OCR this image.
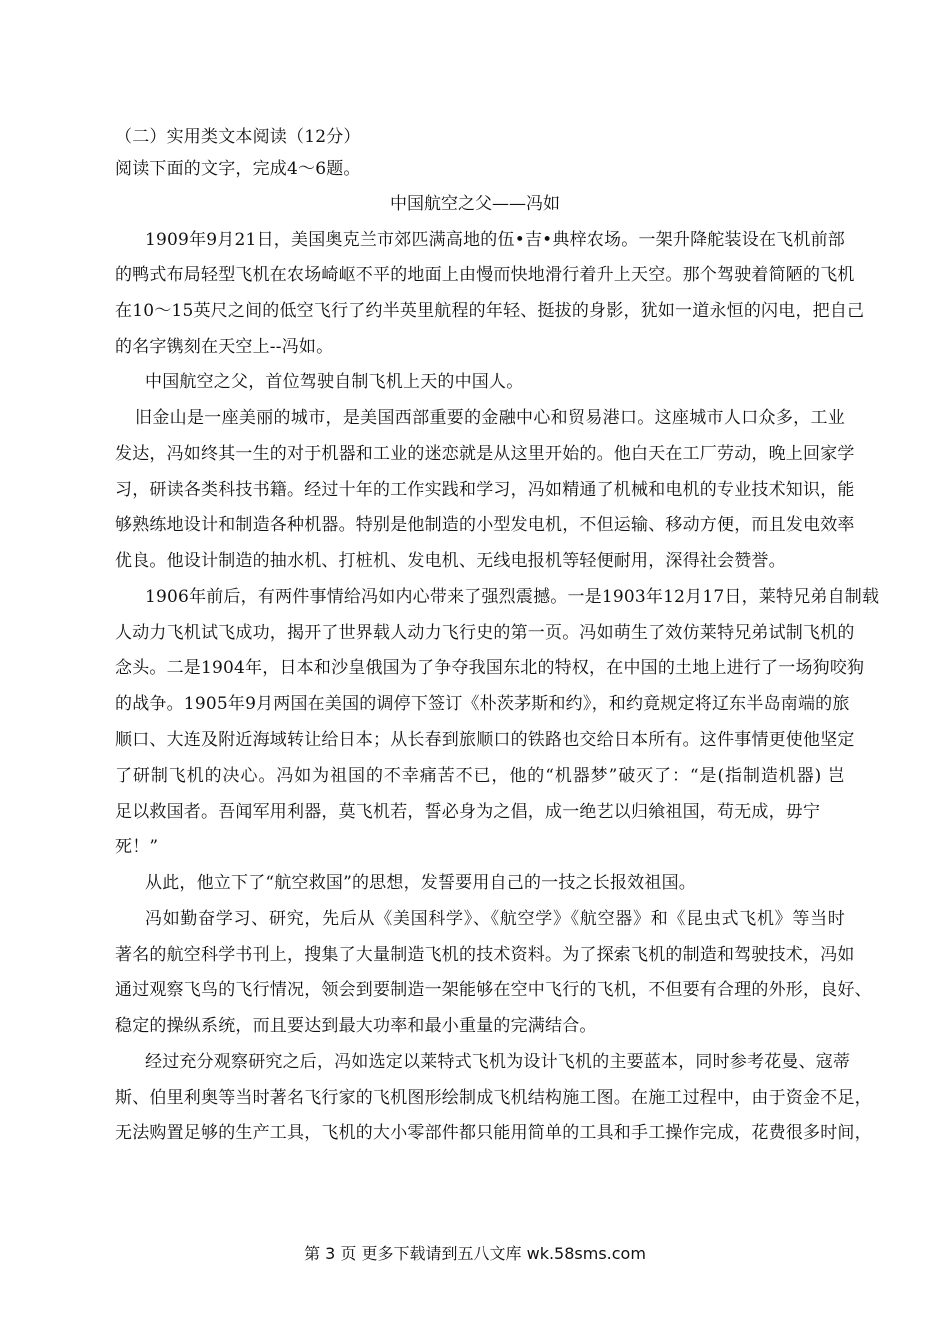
（二）实用类文本阅读（12分）
阅读下面的文字，完成4～6题。
中国航空之父——冯如
1909年9月21日，美国奥克兰市郊匹满高地的伍•吉•典梓农场。一架升降舵装设在飞机前部
的鸭式布局轻型飞机在农场崎岖不平的地面上由慢而快地滑行着升上天空。那个驾驶着简陋的飞机
在10～15英尺之间的低空飞行了约半英里航程的年轻、挺拔的身影，犹如一道永恒的闪电，把自己
的名字镌刻在天空上--冯如。
中国航空之父，首位驾驶自制飞机上天的中国人。
旧金山是一座美丽的城市，是美国西部重要的金融中心和贸易港口。这座城市人口众多，工业
发达，冯如终其一生的对于机器和工业的迷恋就是从这里开始的。他白天在工厂劳动，晚上回家学
习，研读各类科技书籍。经过十年的工作实践和学习，冯如精通了机械和电机的专业技术知识，能
够熟练地设计和制造各种机器。特别是他制造的小型发电机，不但运输、移动方便，而且发电效率
优良。他设计制造的抽水机、打桩机、发电机、无线电报机等轻便耐用，深得社会赞誉。
1906年前后，有两件事情给冯如内心带来了强烈震撼。一是1903年12月17日，莱特兄弟自制载
人动力飞机试飞成功，揭开了世界载人动力飞行史的第一页。冯如萌生了效仿莱特兄弟试制飞机的
念头。二是1904年，日本和沙皇俄国为了争夺我国东北的特权，在中国的土地上进行了一场狗咬狗
的战争。1905年9月两国在美国的调停下签订《朴茨茅斯和约》，和约竟规定将辽东半岛南端的旅
顺口、大连及附近海域转让给日本；从长春到旅顺口的铁路也交给日本所有。这件事情更使他坚定
了研制飞机的决心。冯如为祖国的不幸痛苦不已，他的“机器梦”破灭了：“是(指制造机器) 岂
足以救国者。吾闻军用利器，莫飞机若，誓必身为之倡，成一绝艺以归飨祖国，苟无成，毋宁
死！”
从此，他立下了“航空救国”的思想，发誓要用自己的一技之长报效祖国。
冯如勤奋学习、研究，先后从《美国科学》、《航空学》《航空器》和《昆虫式飞机》等当时
著名的航空科学书刊上，搜集了大量制造飞机的技术资料。为了探索飞机的制造和驾驶技术，冯如
通过观察飞鸟的飞行情况，领会到要制造一架能够在空中飞行的飞机，不但要有合理的外形，良好、
稳定的操纵系统，而且要达到最大功率和最小重量的完满结合。
经过充分观察研究之后，冯如选定以莱特式飞机为设计飞机的主要蓝本，同时参考花曼、寇蒂
斯、伯里利奥等当时著名飞行家的飞机图形绘制成飞机结构施工图。在施工过程中，由于资金不足，
无法购置足够的生产工具，飞机的大小零部件都只能用简单的工具和手工操作完成，花费很多时间，
第 3 页 更多下载请到五八文库 wk.58sms.com
